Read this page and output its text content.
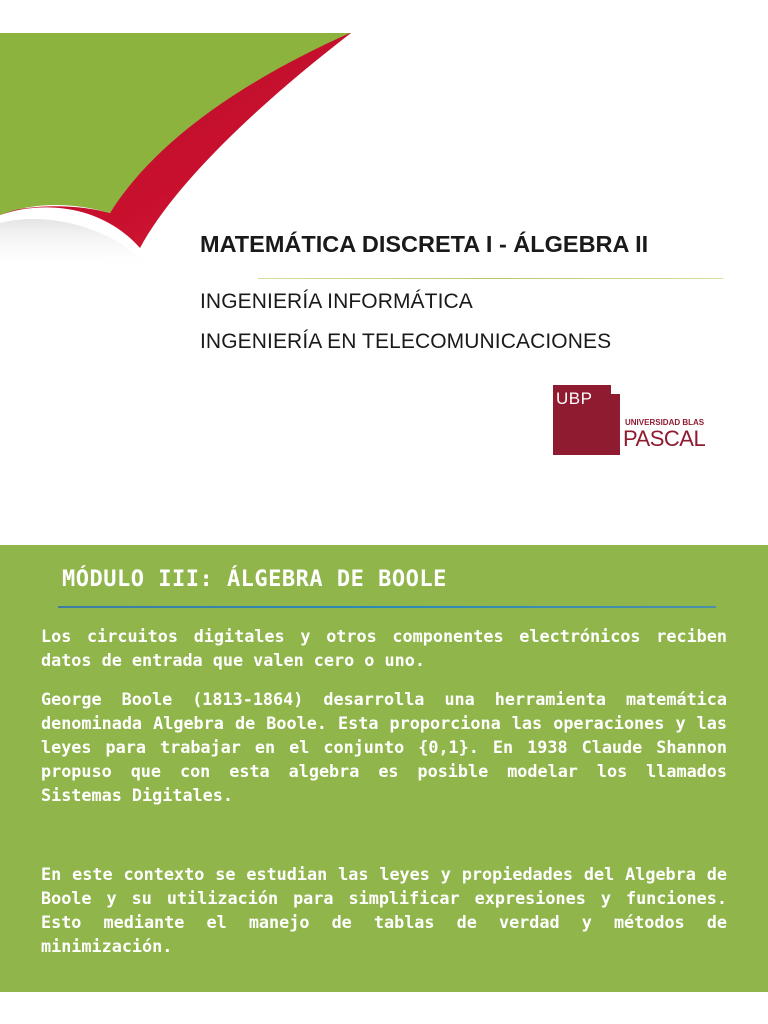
MATEMÁTICA DISCRETA I - ÁLGEBRA II

INGENIERÍA INFORMÁTICA

INGENIERÍA EN TELECOMUNICACIONES

UBP
UNIVERSIDAD BLAS
PASCAL
MÓDULO III: ÁLGEBRA DE BOOLE

Los circuitos digitales y otros componentes electrónicos reciben datos de entrada que valen cero o uno.

George Boole (1813-1864) desarrolla una herramienta matemática denominada Algebra de Boole. Esta proporciona las operaciones y las leyes para trabajar en el conjunto {0,1}. En 1938 Claude Shannon propuso que con esta algebra es posible modelar los llamados Sistemas Digitales.

En este contexto se estudian las leyes y propiedades del Algebra de Boole y su utilización para simplificar expresiones y funciones. Esto mediante el manejo de tablas de verdad y métodos de minimización.
